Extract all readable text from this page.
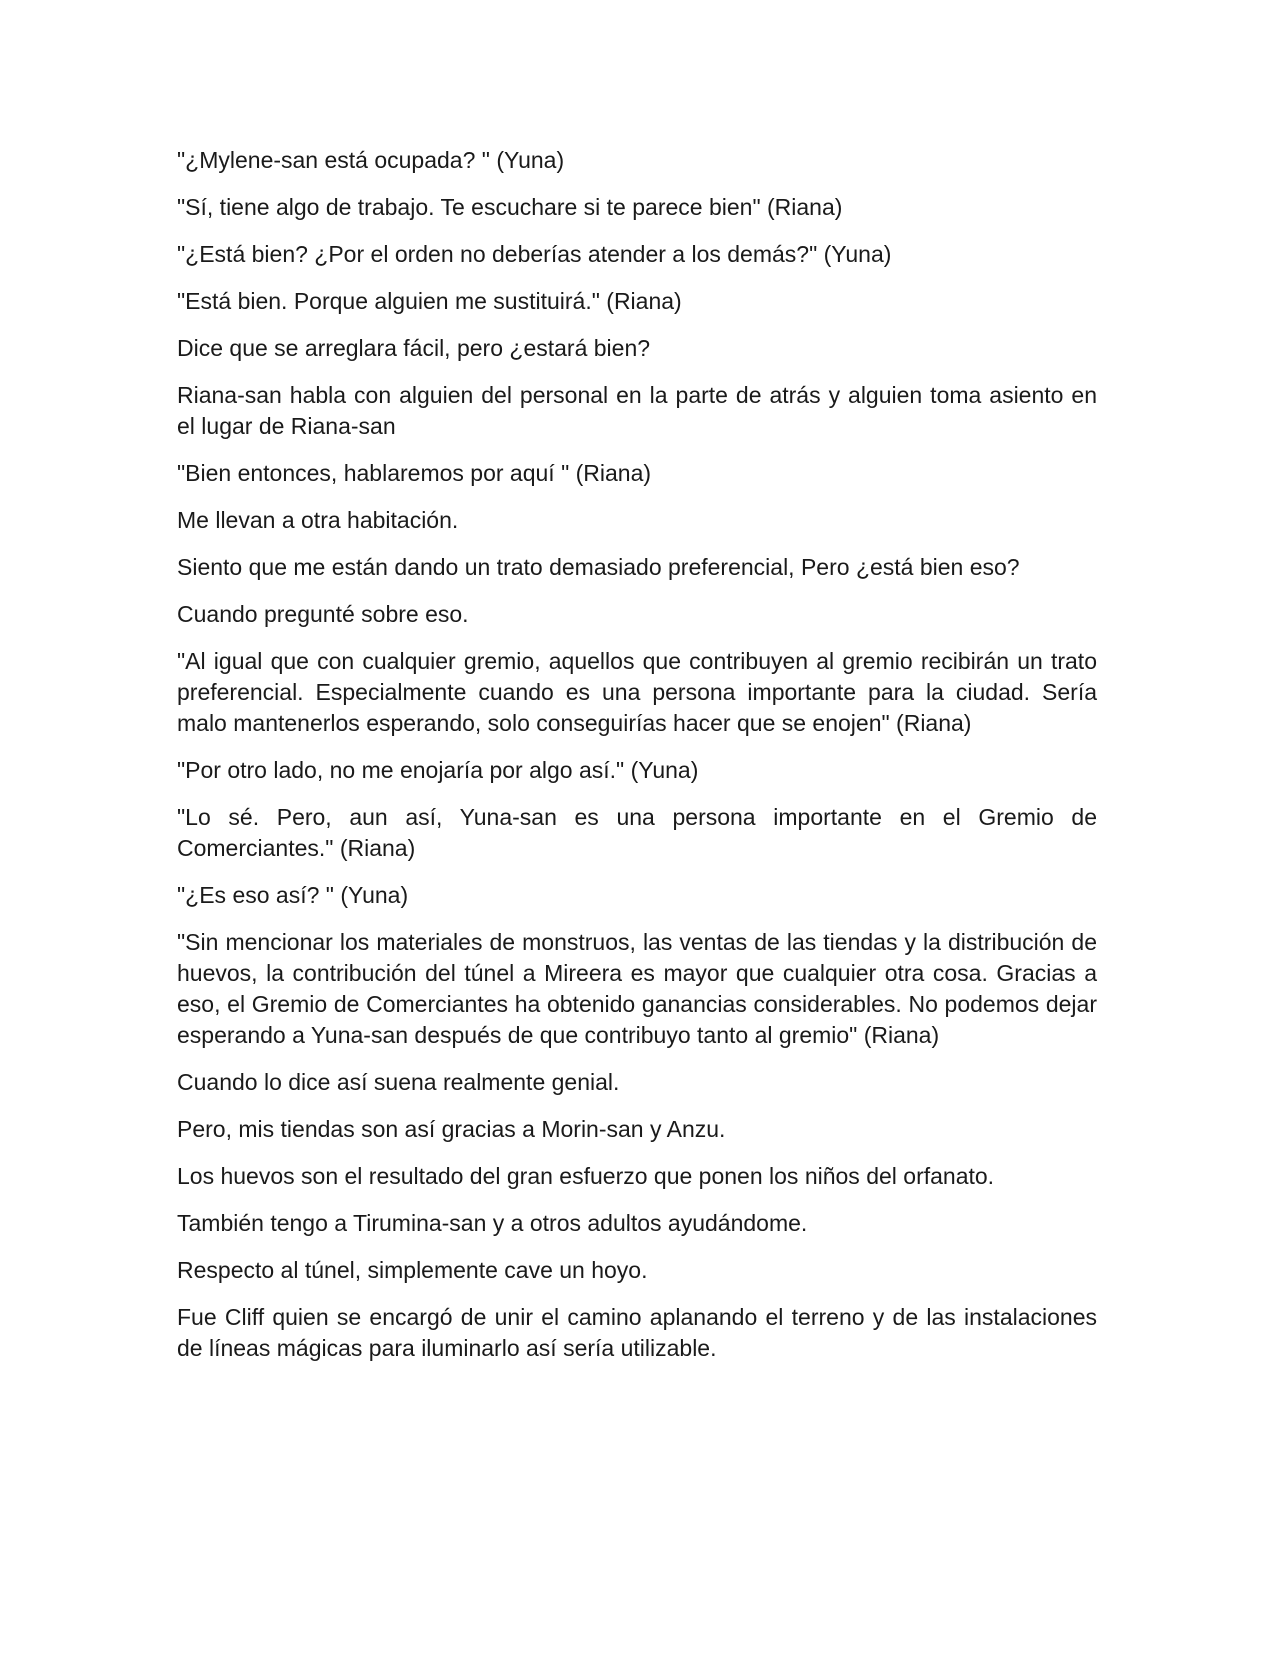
"¿Mylene-san está ocupada? " (Yuna)

"Sí, tiene algo de trabajo. Te escuchare si te parece bien" (Riana)

"¿Está bien? ¿Por el orden no deberías atender a los demás?" (Yuna)

"Está bien. Porque alguien me sustituirá." (Riana)

Dice que se arreglara fácil, pero ¿estará bien?

Riana-san habla con alguien del personal en la parte de atrás y alguien toma asiento en el lugar de Riana-san

"Bien entonces, hablaremos por aquí " (Riana)

Me llevan a otra habitación.

Siento que me están dando un trato demasiado preferencial, Pero ¿está bien eso?

Cuando pregunté sobre eso.

"Al igual que con cualquier gremio, aquellos que contribuyen al gremio recibirán un trato preferencial. Especialmente cuando es una persona importante para la ciudad. Sería malo mantenerlos esperando, solo conseguirías hacer que se enojen" (Riana)

"Por otro lado, no me enojaría por algo así." (Yuna)

"Lo sé. Pero, aun así, Yuna-san es una persona importante en el Gremio de Comerciantes." (Riana)

"¿Es eso así? " (Yuna)

"Sin mencionar los materiales de monstruos, las ventas de las tiendas y la distribución de huevos, la contribución del túnel a Mireera es mayor que cualquier otra cosa. Gracias a eso, el Gremio de Comerciantes ha obtenido ganancias considerables. No podemos dejar esperando a Yuna-san después de que contribuyo tanto al gremio" (Riana)

Cuando lo dice así suena realmente genial.

Pero, mis tiendas son así gracias a Morin-san y Anzu.

Los huevos son el resultado del gran esfuerzo que ponen los niños del orfanato.

También tengo a Tirumina-san y a otros adultos ayudándome.

Respecto al túnel, simplemente cave un hoyo.

Fue Cliff quien se encargó de unir el camino aplanando el terreno y de las instalaciones de líneas mágicas para iluminarlo así sería utilizable.
